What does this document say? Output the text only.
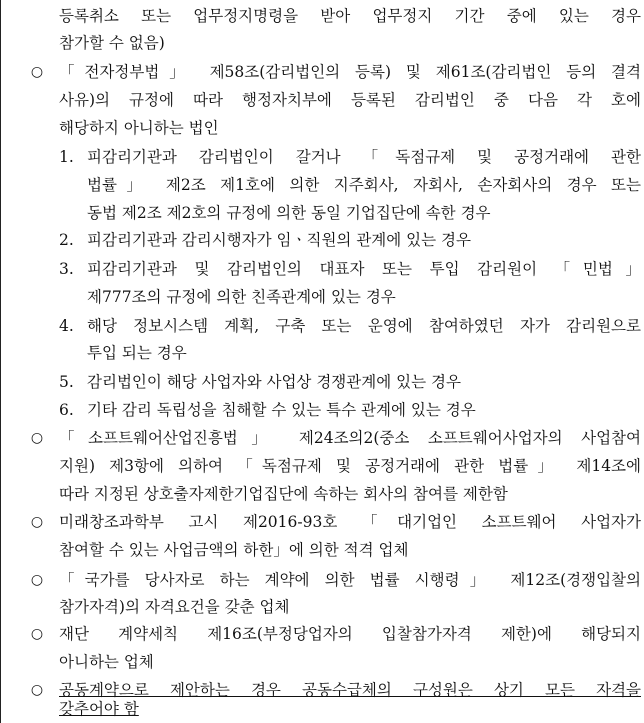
등록취소 또는 업무정지명령을 받아 업무정지 기간 중에 있는 경우
참가할 수 없음)
○ 「전자정부법」 제58조(감리법인의 등록) 및 제61조(감리법인 등의 결격
사유)의 규정에 따라 행정자치부에 등록된 감리법인 중 다음 각 호에
해당하지 아니하는 법인
1. 피감리기관과 감리법인이 갈거나 「독점규제 및 공정거래에 관한
법률」 제2조 제1호에 의한 지주회사, 자회사, 손자회사의 경우 또는
동법 제2조 제2호의 규정에 의한 동일 기업집단에 속한 경우
2. 피감리기관과 감리시행자가 임ㆍ직원의 관계에 있는 경우
3. 피감리기관과 및 감리법인의 대표자 또는 투입 감리원이 「민법」
제777조의 규정에 의한 친족관계에 있는 경우
4. 해당 정보시스템 계획, 구축 또는 운영에 참여하였던 자가 감리원으로
투입 되는 경우
5. 감리법인이 해당 사업자와 사업상 경쟁관계에 있는 경우
6. 기타 감리 독립성을 침해할 수 있는 특수 관계에 있는 경우
○ 「소프트웨어산업진흥법」 제24조의2(중소 소프트웨어사업자의 사업참여
지원) 제3항에 의하여 「독점규제 및 공정거래에 관한 법률」 제14조에
따라 지정된 상호출자제한기업집단에 속하는 회사의 참여를 제한함
○ 미래창조과학부 고시 제2016-93호 「대기업인 소프트웨어 사업자가
참여할 수 있는 사업금액의 하한」에 의한 적격 업체
○ 「국가를 당사자로 하는 계약에 의한 법률 시행령」 제12조(경쟁입찰의
참가자격)의 자격요건을 갖춘 업체
○ 재단 계약세칙 제16조(부정당업자의 입찰참가자격 제한)에 해당되지
아니하는 업체
○ 공동계약으로 제안하는 경우 공동수급체의 구성원은 상기 모든 자격을
갖추어야 함
